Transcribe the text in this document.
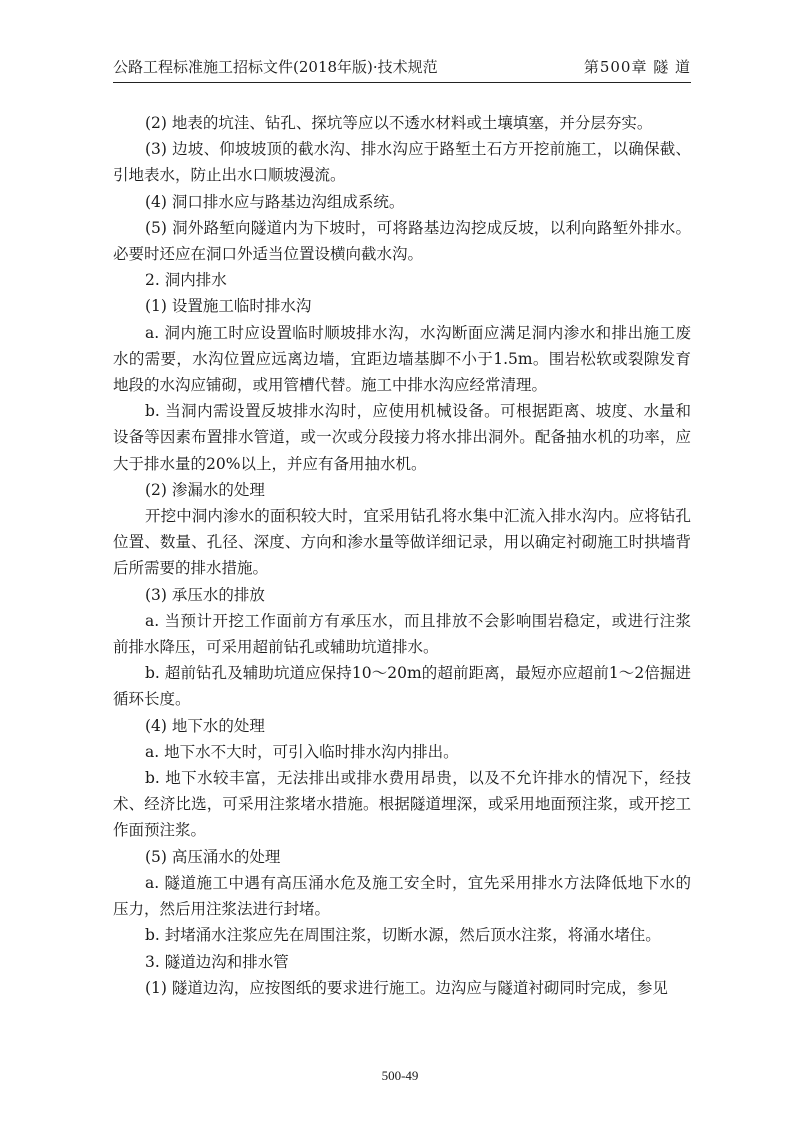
公路工程标准施工招标文件(2018年版)·技术规范	第500章 隧 道

(2) 地表的坑洼、钻孔、探坑等应以不透水材料或土壤填塞，并分层夯实。

(3) 边坡、仰坡坡顶的截水沟、排水沟应于路堑土石方开挖前施工，以确保截、引地表水，防止出水口顺坡漫流。

(4) 洞口排水应与路基边沟组成系统。

(5) 洞外路堑向隧道内为下坡时，可将路基边沟挖成反坡，以利向路堑外排水。必要时还应在洞口外适当位置设横向截水沟。

2. 洞内排水

(1) 设置施工临时排水沟

a. 洞内施工时应设置临时顺坡排水沟，水沟断面应满足洞内渗水和排出施工废水的需要，水沟位置应远离边墙，宜距边墙基脚不小于1.5m。围岩松软或裂隙发育地段的水沟应铺砌，或用管槽代替。施工中排水沟应经常清理。

b. 当洞内需设置反坡排水沟时，应使用机械设备。可根据距离、坡度、水量和设备等因素布置排水管道，或一次或分段接力将水排出洞外。配备抽水机的功率，应大于排水量的20%以上，并应有备用抽水机。

(2) 渗漏水的处理

开挖中洞内渗水的面积较大时，宜采用钻孔将水集中汇流入排水沟内。应将钻孔位置、数量、孔径、深度、方向和渗水量等做详细记录，用以确定衬砌施工时拱墙背后所需要的排水措施。

(3) 承压水的排放

a. 当预计开挖工作面前方有承压水，而且排放不会影响围岩稳定，或进行注浆前排水降压，可采用超前钻孔或辅助坑道排水。

b. 超前钻孔及辅助坑道应保持10～20m的超前距离，最短亦应超前1～2倍掘进循环长度。

(4) 地下水的处理

a. 地下水不大时，可引入临时排水沟内排出。

b. 地下水较丰富，无法排出或排水费用昂贵，以及不允许排水的情况下，经技术、经济比选，可采用注浆堵水措施。根据隧道埋深，或采用地面预注浆，或开挖工作面预注浆。

(5) 高压涌水的处理

a. 隧道施工中遇有高压涌水危及施工安全时，宜先采用排水方法降低地下水的压力，然后用注浆法进行封堵。

b. 封堵涌水注浆应先在周围注浆，切断水源，然后顶水注浆，将涌水堵住。

3. 隧道边沟和排水管

(1) 隧道边沟，应按图纸的要求进行施工。边沟应与隧道衬砌同时完成，参见

500-49
